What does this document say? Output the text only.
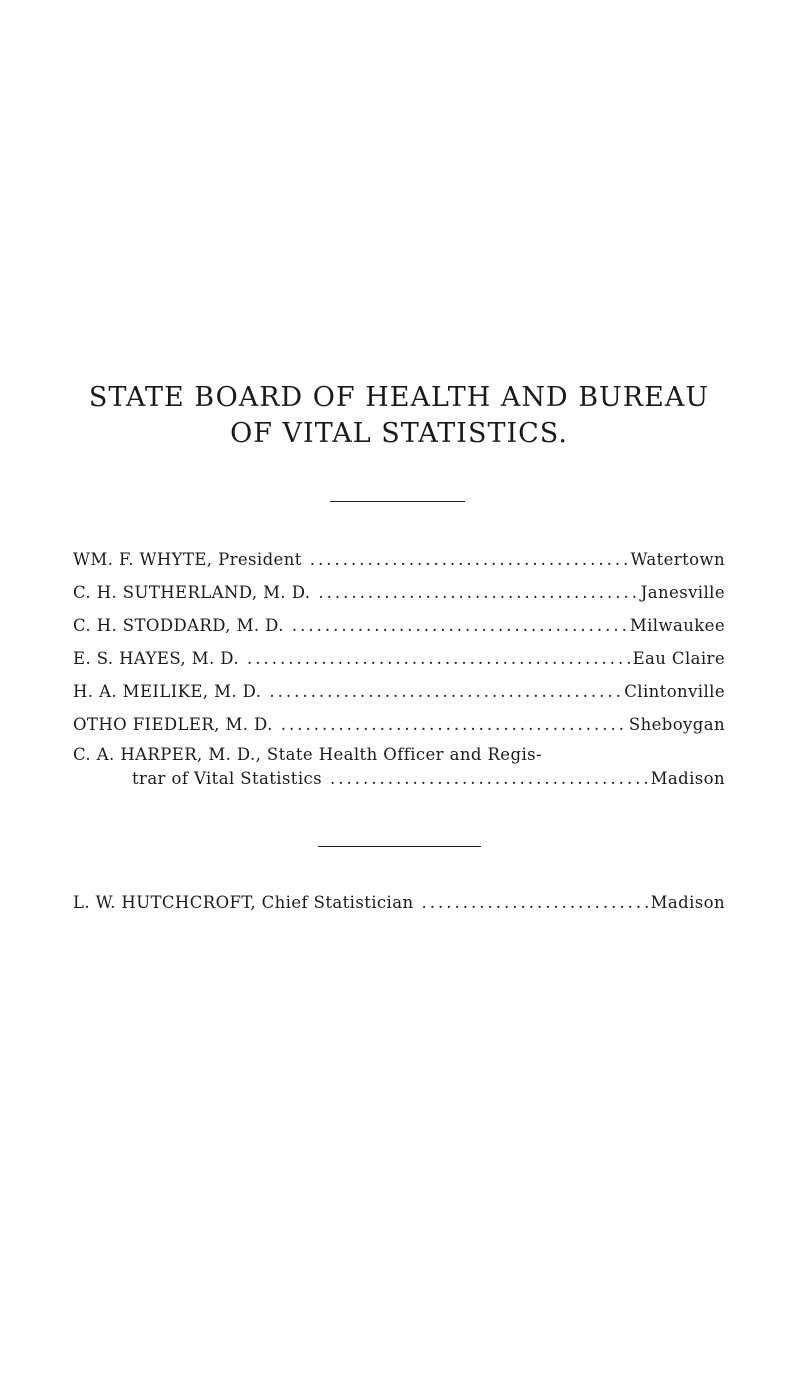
STATE BOARD OF HEALTH AND BUREAU
OF VITAL STATISTICS.
WM. F. WHYTE, President .....	Watertown
C. H. SUTHERLAND, M. D. .....	Janesville
C. H. STODDARD, M. D. .....	Milwaukee
E. S. HAYES, M. D. .....	Eau Claire
H. A. MEILIKE, M. D. .....	Clintonville
OTHO FIEDLER, M. D. .....	Sheboygan
C. A. HARPER, M. D., State Health Officer and Regis-
trar of Vital Statistics .....	Madison
L. W. HUTCHCROFT, Chief Statistician .....	Madison
